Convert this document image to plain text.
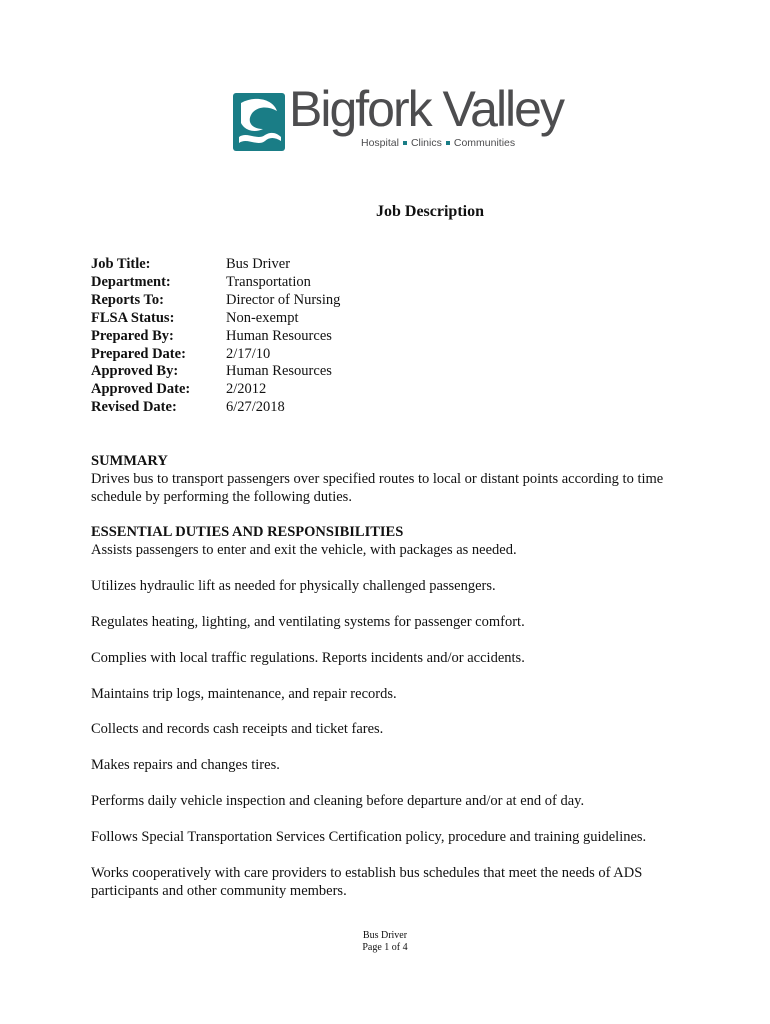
Bigfork Valley
Hospital Clinics Communities
Job Description
Job Title:	Bus Driver
Department:	Transportation
Reports To:	Director of Nursing
FLSA Status:	Non-exempt
Prepared By:	Human Resources
Prepared Date:	2/17/10
Approved By:	Human Resources
Approved Date:	2/2012
Revised Date:	6/27/2018
SUMMARY

Drives bus to transport passengers over specified routes to local or distant points according to time schedule by performing the following duties.

ESSENTIAL DUTIES AND RESPONSIBILITIES

Assists passengers to enter and exit the vehicle, with packages as needed.

Utilizes hydraulic lift as needed for physically challenged passengers.

Regulates heating, lighting, and ventilating systems for passenger comfort.

Complies with local traffic regulations. Reports incidents and/or accidents.

Maintains trip logs, maintenance, and repair records.

Collects and records cash receipts and ticket fares.

Makes repairs and changes tires.

Performs daily vehicle inspection and cleaning before departure and/or at end of day.

Follows Special Transportation Services Certification policy, procedure and training guidelines.

Works cooperatively with care providers to establish bus schedules that meet the needs of ADS participants and other community members.

Bus Driver
Page 1 of 4
